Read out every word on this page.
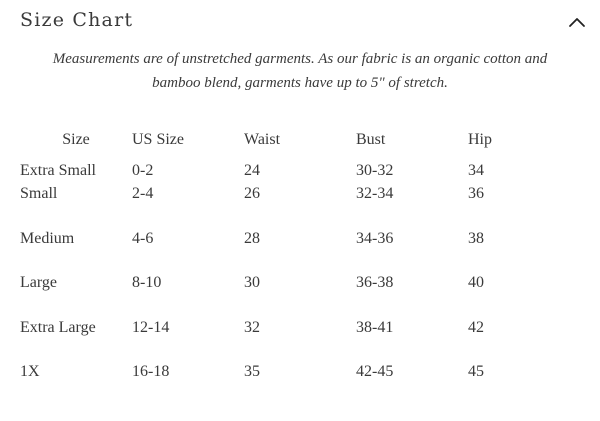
Size Chart
Measurements are of unstretched garments. As our fabric is an organic cotton and bamboo blend, garments have up to 5" of stretch.
Size	US Size	Waist	Bust	Hip
Extra Small	0-2	24	30-32	34
Small	2-4	26	32-34	36
Medium	4-6	28	34-36	38
Large	8-10	30	36-38	40
Extra Large	12-14	32	38-41	42
1X	16-18	35	42-45	45
